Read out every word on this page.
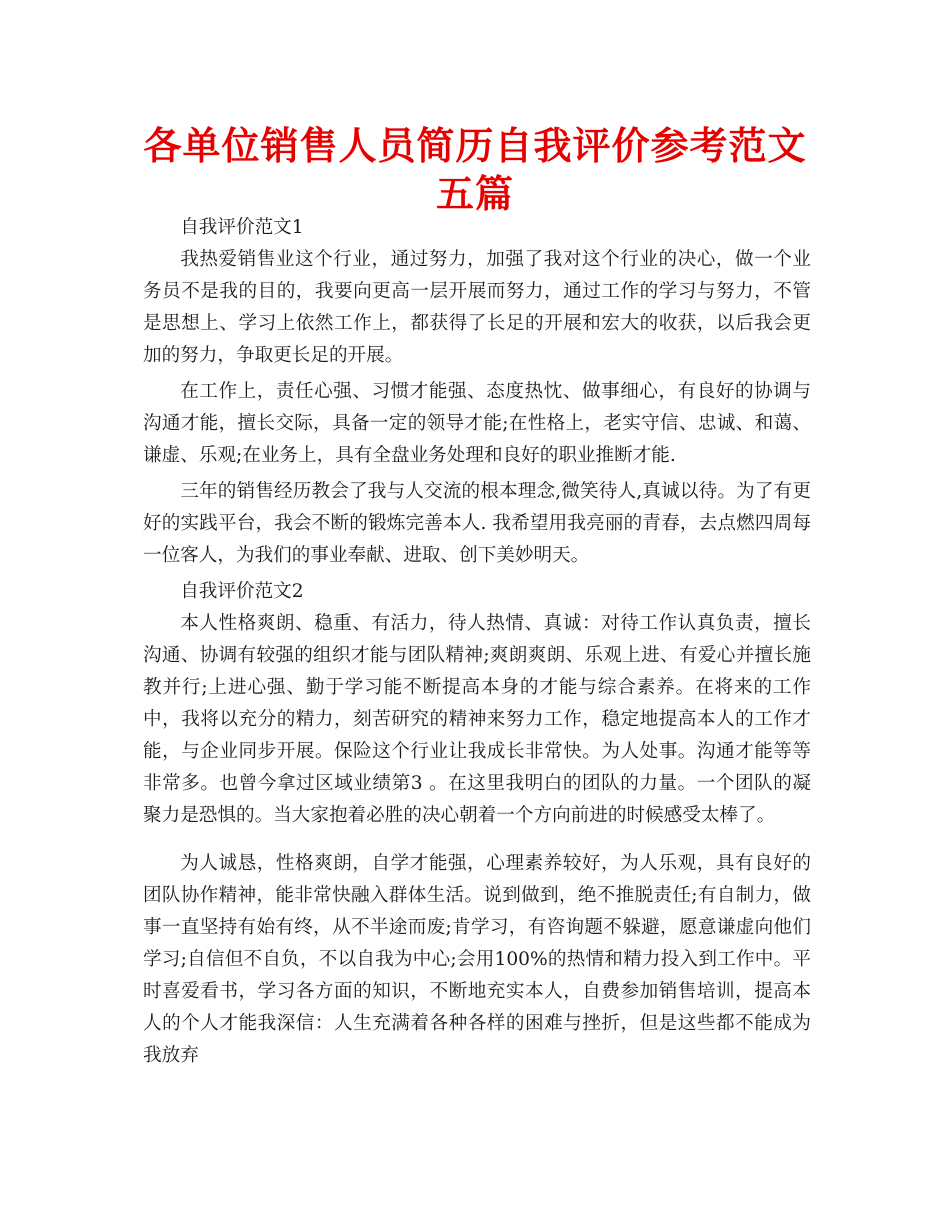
各单位销售人员简历自我评价参考范文五篇

自我评价范文1

我热爱销售业这个行业，通过努力，加强了我对这个行业的决心，做一个业务员不是我的目的，我要向更高一层开展而努力，通过工作的学习与努力，不管是思想上、学习上依然工作上，都获得了长足的开展和宏大的收获，以后我会更加的努力，争取更长足的开展。

在工作上，责任心强、习惯才能强、态度热忱、做事细心，有良好的协调与沟通才能，擅长交际，具备一定的领导才能;在性格上，老实守信、忠诚、和蔼、谦虚、乐观;在业务上，具有全盘业务处理和良好的职业推断才能.

三年的销售经历教会了我与人交流的根本理念,微笑待人,真诚以待。为了有更好的实践平台，我会不断的锻炼完善本人. 我希望用我亮丽的青春，去点燃四周每一位客人，为我们的事业奉献、进取、创下美妙明天。

自我评价范文2

本人性格爽朗、稳重、有活力，待人热情、真诚：对待工作认真负责，擅长沟通、协调有较强的组织才能与团队精神;爽朗爽朗、乐观上进、有爱心并擅长施教并行;上进心强、勤于学习能不断提高本身的才能与综合素养。在将来的工作中，我将以充分的精力，刻苦研究的精神来努力工作，稳定地提高本人的工作才能，与企业同步开展。保险这个行业让我成长非常快。为人处事。沟通才能等等非常多。也曾今拿过区域业绩第3 。在这里我明白的团队的力量。一个团队的凝聚力是恐惧的。当大家抱着必胜的决心朝着一个方向前进的时候感受太棒了。

为人诚恳，性格爽朗，自学才能强，心理素养较好，为人乐观，具有良好的团队协作精神，能非常快融入群体生活。说到做到，绝不推脱责任;有自制力，做事一直坚持有始有终，从不半途而废;肯学习，有咨询题不躲避，愿意谦虚向他们学习;自信但不自负，不以自我为中心;会用100%的热情和精力投入到工作中。平时喜爱看书，学习各方面的知识，不断地充实本人，自费参加销售培训，提高本人的个人才能我深信：人生充满着各种各样的困难与挫折，但是这些都不能成为我放弃
